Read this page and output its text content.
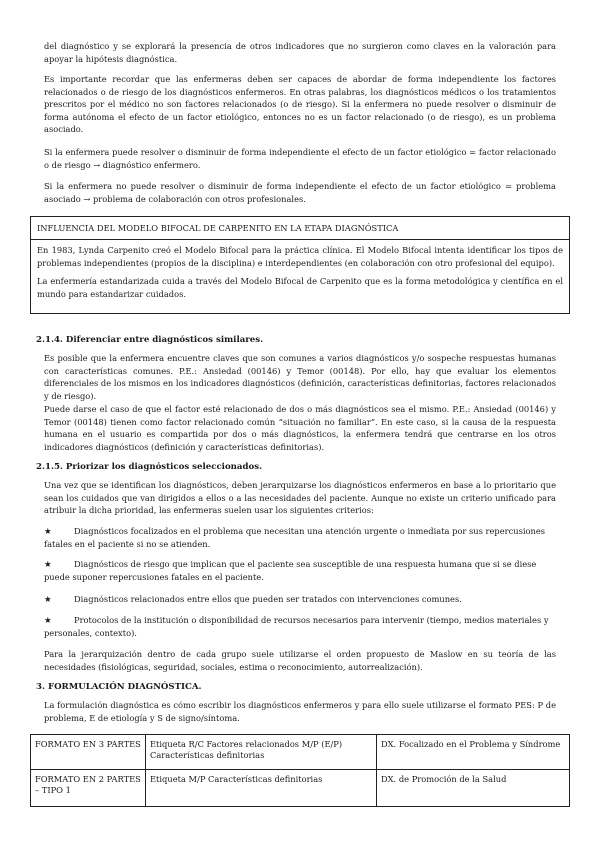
del diagnóstico y se explorará la presencia de otros indicadores que no surgieron como claves en la valoración para apoyar la hipótesis diagnóstica.

Es importante recordar que las enfermeras deben ser capaces de abordar de forma independiente los factores relacionados o de riesgo de los diagnósticos enfermeros. En otras palabras, los diagnósticos médicos o los tratamientos prescritos por el médico no son factores relacionados (o de riesgo). Si la enfermera no puede resolver o disminuir de forma autónoma el efecto de un factor etiológico, entonces no es un factor relacionado (o de riesgo), es un problema asociado.

Si la enfermera puede resolver o disminuir de forma independiente el efecto de un factor etiológico = factor relacionado o de riesgo → diagnóstico enfermero.

Si la enfermera no puede resolver o disminuir de forma independiente el efecto de un factor etiológico = problema asociado → problema de colaboración con otros profesionales.

INFLUENCIA DEL MODELO BIFOCAL DE CARPENITO EN LA ETAPA DIAGNÓSTICA

En 1983, Lynda Carpenito creó el Modelo Bifocal para la práctica clínica. El Modelo Bifocal intenta identificar los tipos de problemas independientes (propios de la disciplina) e interdependientes (en colaboración con otro profesional del equipo).

La enfermería estandarizada cuida a través del Modelo Bifocal de Carpenito que es la forma metodológica y científica en el mundo para estandarizar cuidados.

2.1.4. Diferenciar entre diagnósticos similares.

Es posible que la enfermera encuentre claves que son comunes a varios diagnósticos y/o sospeche respuestas humanas con características comunes. P.E.: Ansiedad (00146) y Temor (00148). Por ello, hay que evaluar los elementos diferenciales de los mismos en los indicadores diagnósticos (definición, características definitorias, factores relacionados y de riesgo).

Puede darse el caso de que el factor esté relacionado de dos o más diagnósticos sea el mismo. P.E.: Ansiedad (00146) y Temor (00148) tienen como factor relacionado común “situación no familiar”. En este caso, si la causa de la respuesta humana en el usuario es compartida por dos o más diagnósticos, la enfermera tendrá que centrarse en los otros indicadores diagnósticos (definición y características definitorias).

2.1.5. Priorizar los diagnósticos seleccionados.

Una vez que se identifican los diagnósticos, deben jerarquizarse los diagnósticos enfermeros en base a lo prioritario que sean los cuidados que van dirigidos a ellos o a las necesidades del paciente. Aunque no existe un criterio unificado para atribuir la dicha prioridad, las enfermeras suelen usar los siguientes criterios:

★	Diagnósticos focalizados en el problema que necesitan una atención urgente o inmediata por sus repercusiones fatales en el paciente si no se atienden.

★	Diagnósticos de riesgo que implican que el paciente sea susceptible de una respuesta humana que si se diese puede suponer repercusiones fatales en el paciente.

★	Diagnósticos relacionados entre ellos que pueden ser tratados con intervenciones comunes.

★	Protocolos de la institución o disponibilidad de recursos necesarios para intervenir (tiempo, medios materiales y personales, contexto).

Para la jerarquización dentro de cada grupo suele utilizarse el orden propuesto de Maslow en su teoría de las necesidades (fisiológicas, seguridad, sociales, estima o reconocimiento, autorrealización).

3. FORMULACIÓN DIAGNÓSTICA.

La formulación diagnóstica es cómo escribir los diagnósticos enfermeros y para ello suele utilizarse el formato PES: P de problema, E de etiología y S de signo/síntoma.

FORMATO EN 3 PARTES	Etiqueta R/C Factores relacionados M/P (E/P) Características definitorias	DX. Focalizado en el Problema y Síndrome
FORMATO EN 2 PARTES – TIPO 1	Etiqueta M/P Características definitorias	DX. de Promoción de la Salud
